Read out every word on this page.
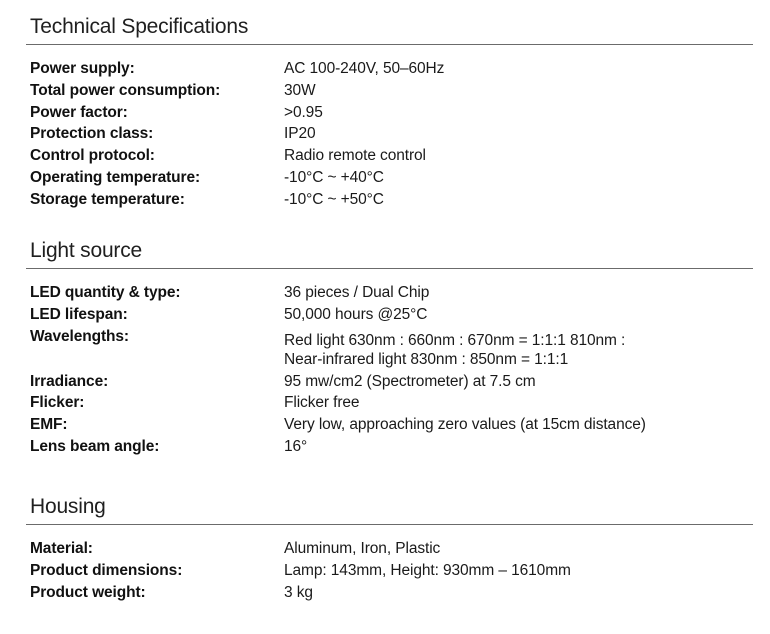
Technical Specifications
Power supply:	AC 100-240V, 50–60Hz
Total power consumption:	30W
Power factor:	>0.95
Protection class:	IP20
Control protocol:	Radio remote control
Operating temperature:	-10°C ~ +40°C
Storage temperature:	-10°C ~ +50°C
Light source
LED quantity & type:	36 pieces / Dual Chip
LED lifespan:	50,000 hours @25°C
Wavelengths:	Red light 630nm : 660nm : 670nm = 1:1:1 810nm :
Near-infrared light 830nm : 850nm = 1:1:1
Irradiance:	95 mw/cm2 (Spectrometer) at 7.5 cm
Flicker:	Flicker free
EMF:	Very low, approaching zero values (at 15cm distance)
Lens beam angle:	16°
Housing
Material:	Aluminum, Iron, Plastic
Product dimensions:	Lamp: 143mm, Height: 930mm – 1610mm
Product weight:	3 kg
